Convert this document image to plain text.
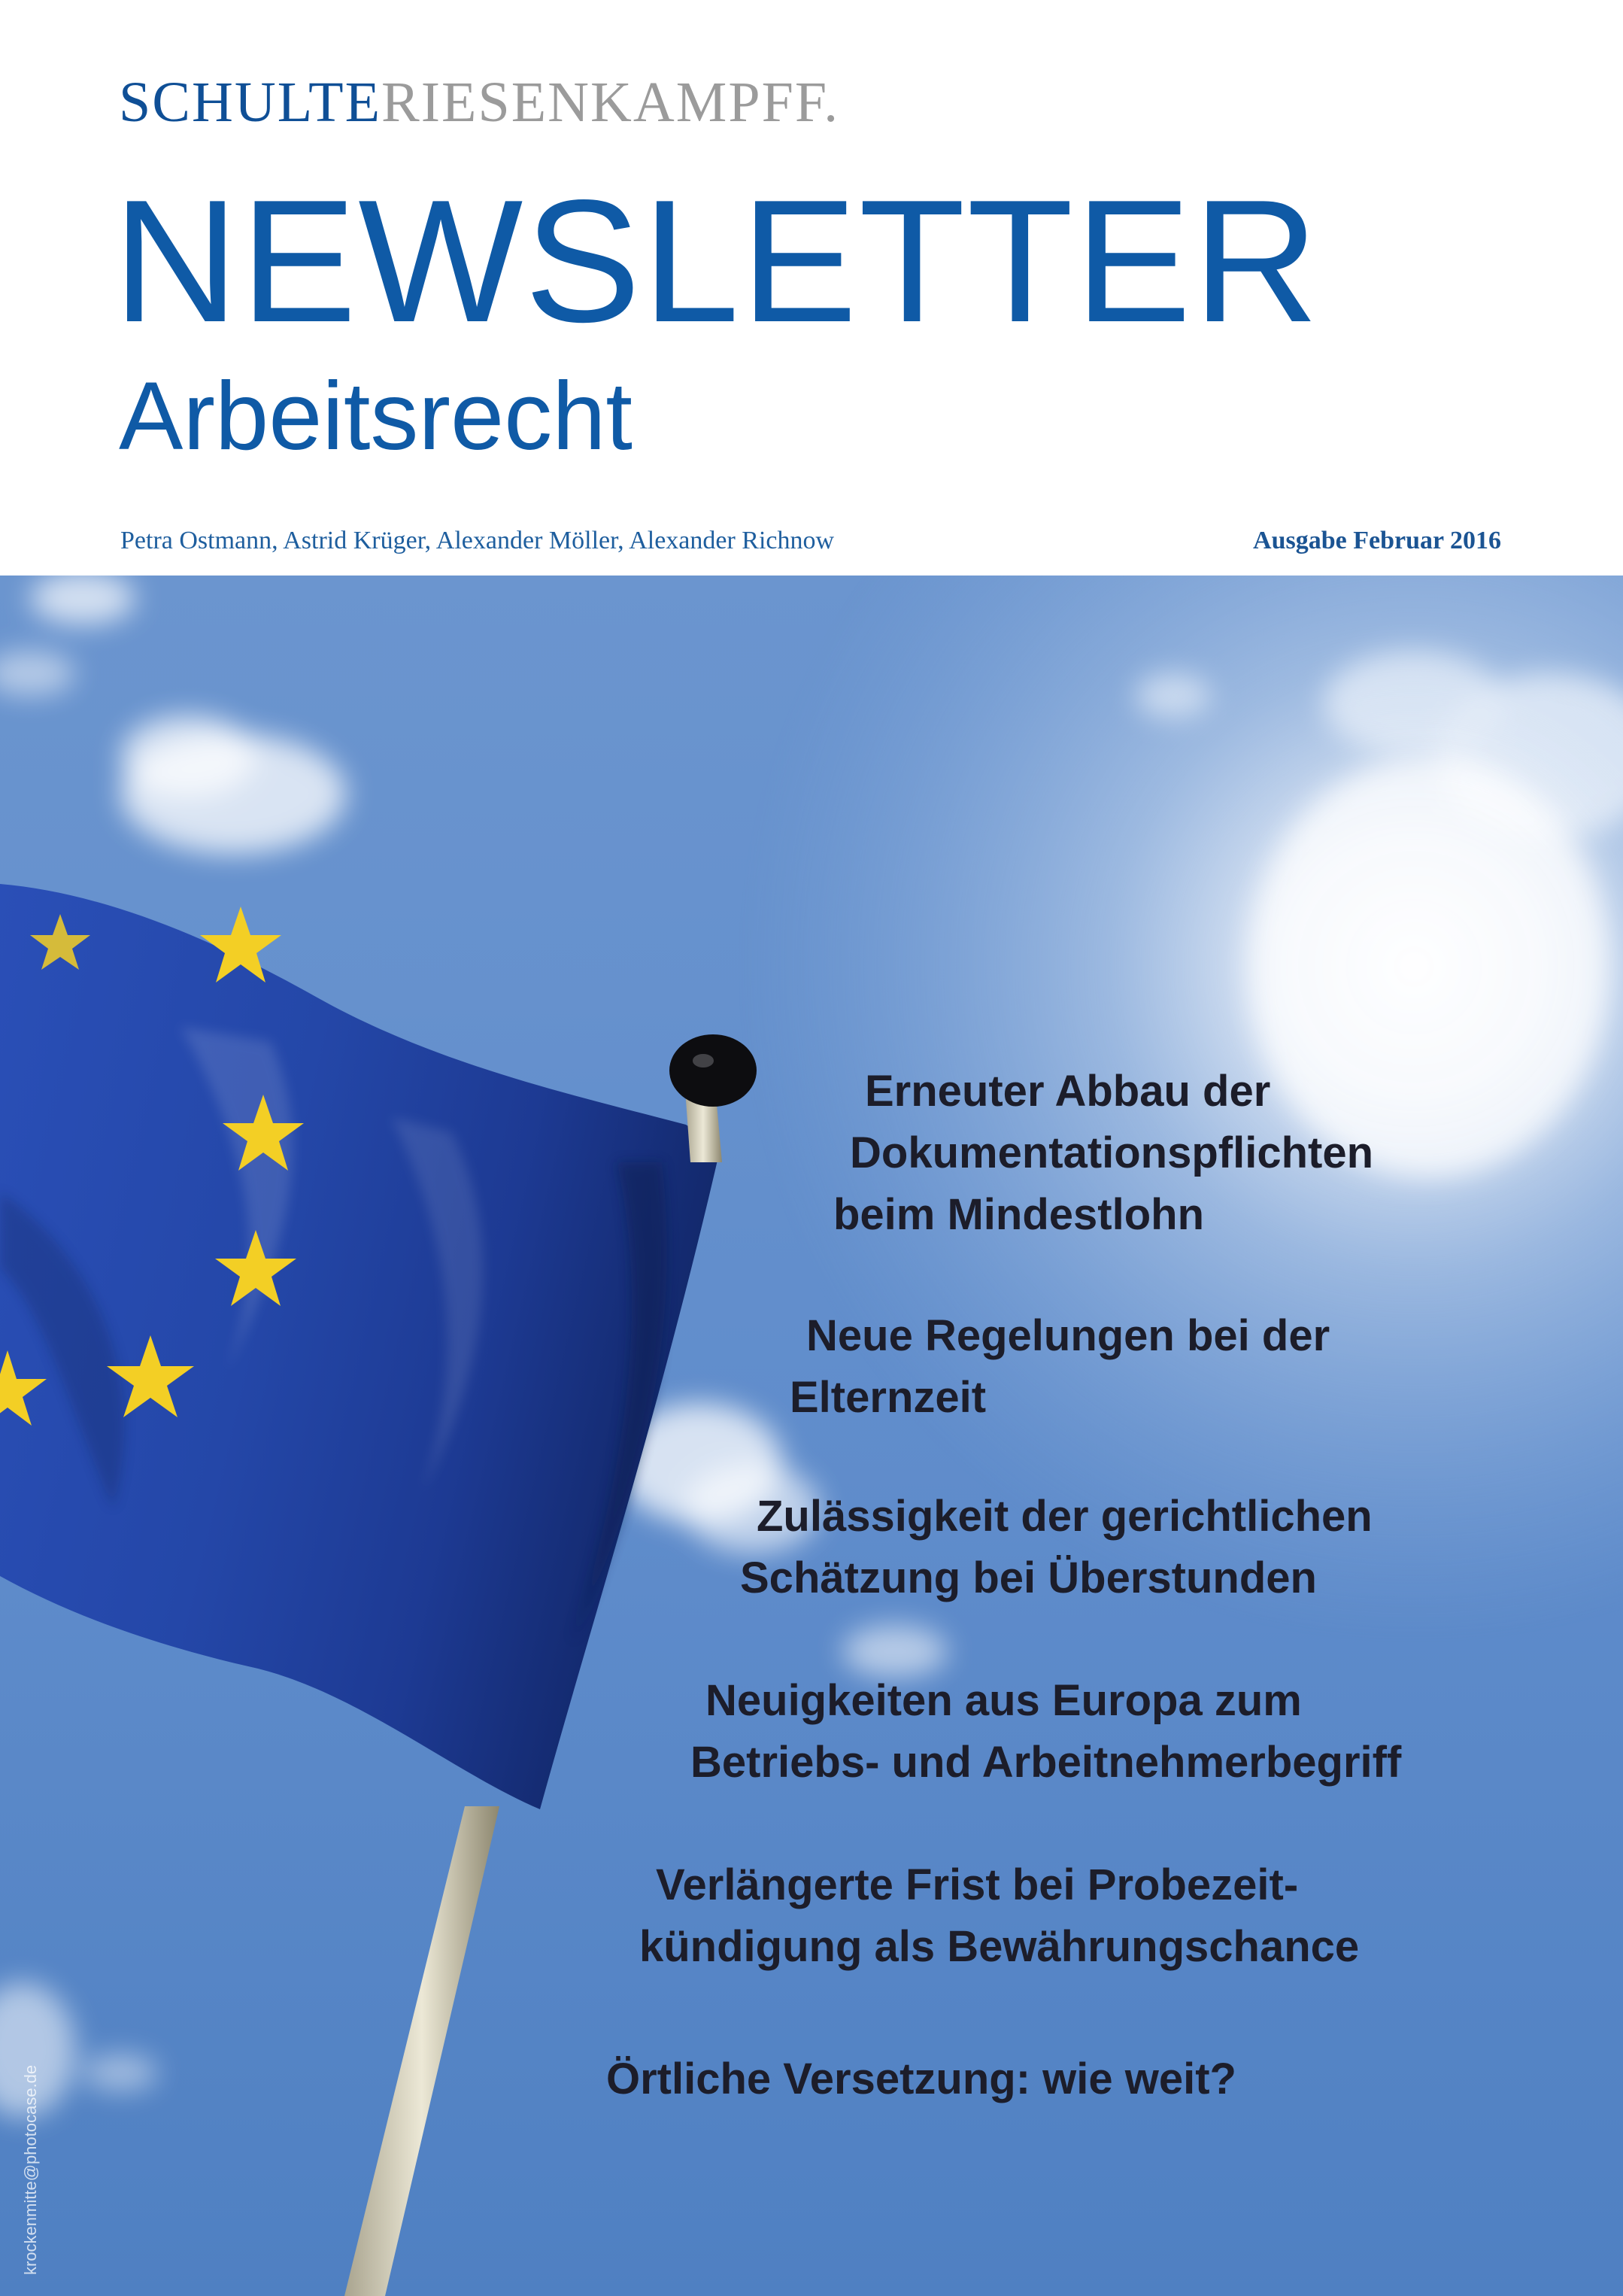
SCHULTERIESENKAMPFF.
NEWSLETTER
Arbeitsrecht
Petra Ostmann, Astrid Krüger, Alexander Möller, Alexander Richnow	Ausgabe Februar 2016
Erneuter Abbau der
Dokumentationspflichten
beim Mindestlohn
Neue Regelungen bei der
Elternzeit
Zulässigkeit der gerichtlichen
Schätzung bei Überstunden
Neuigkeiten aus Europa zum
Betriebs- und Arbeitnehmerbegriff
Verlängerte Frist bei Probezeit-
kündigung als Bewährungschance
Örtliche Versetzung: wie weit?
krockenmitte@photocase.de
